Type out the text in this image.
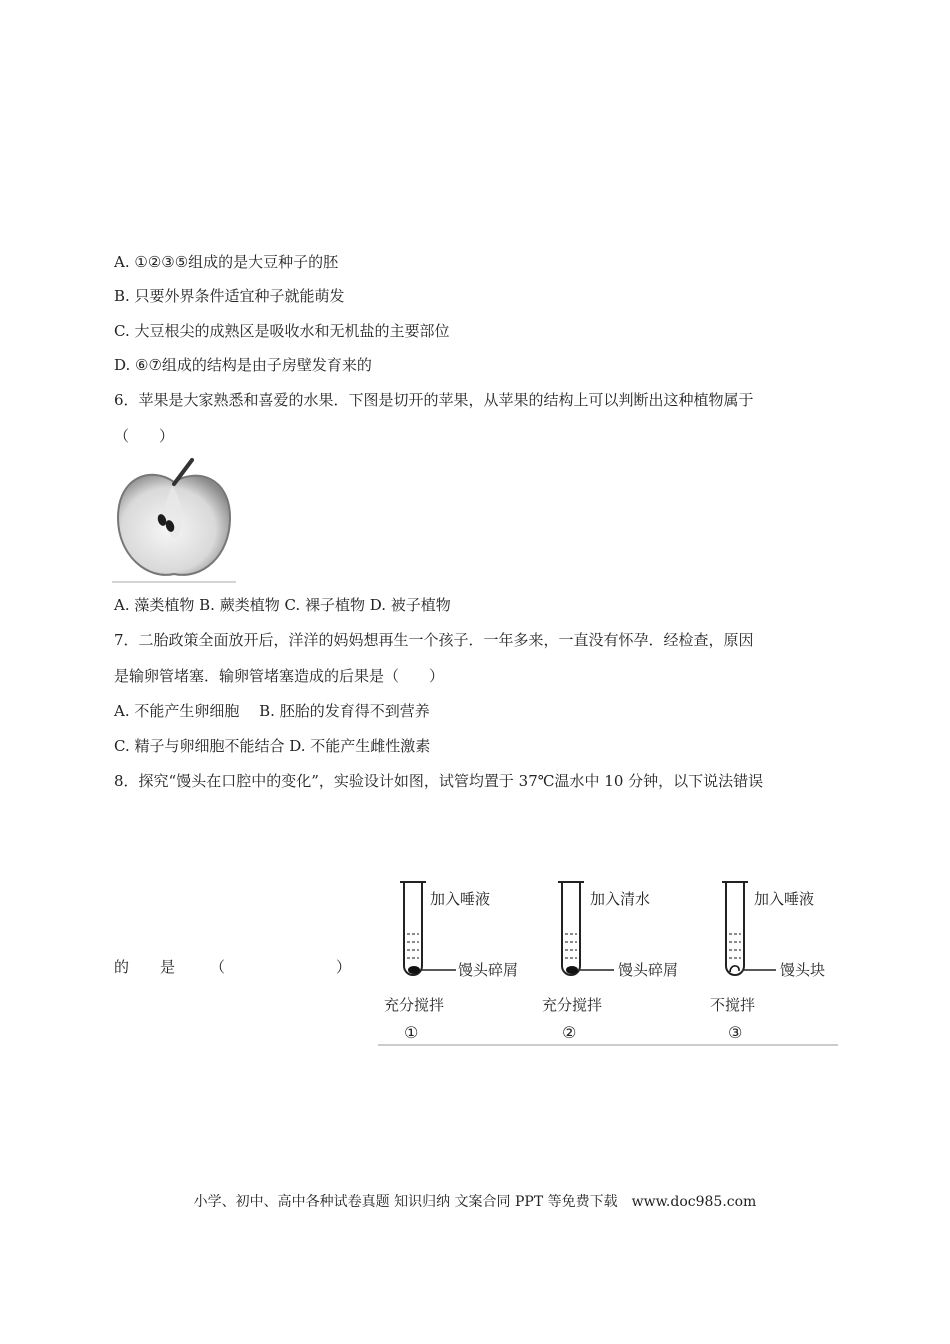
A. ①②③⑤组成的是大豆种子的胚
B. 只要外界条件适宜种子就能萌发
C. 大豆根尖的成熟区是吸收水和无机盐的主要部位
D. ⑥⑦组成的结构是由子房壁发育来的
6．苹果是大家熟悉和喜爱的水果．下图是切开的苹果，从苹果的结构上可以判断出这种植物属于
（　　）
A. 藻类植物 B. 蕨类植物 C. 裸子植物 D. 被子植物
7．二胎政策全面放开后，洋洋的妈妈想再生一个孩子．一年多来，一直没有怀孕．经检查，原因
是输卵管堵塞．输卵管堵塞造成的后果是（　　）
A. 不能产生卵细胞　 B. 胚胎的发育得不到营养
C. 精子与卵细胞不能结合 D. 不能产生雌性激素
8．探究“馒头在口腔中的变化”，实验设计如图，试管均置于 37℃温水中 10 分钟，以下说法错误
的 是 （	）
加入唾液
馒头碎屑
充分搅拌
①
加入清水
馒头碎屑
充分搅拌
②
加入唾液
馒头块
不搅拌
③
小学、初中、高中各种试卷真题 知识归纳 文案合同 PPT 等免费下载　www.doc985.com
